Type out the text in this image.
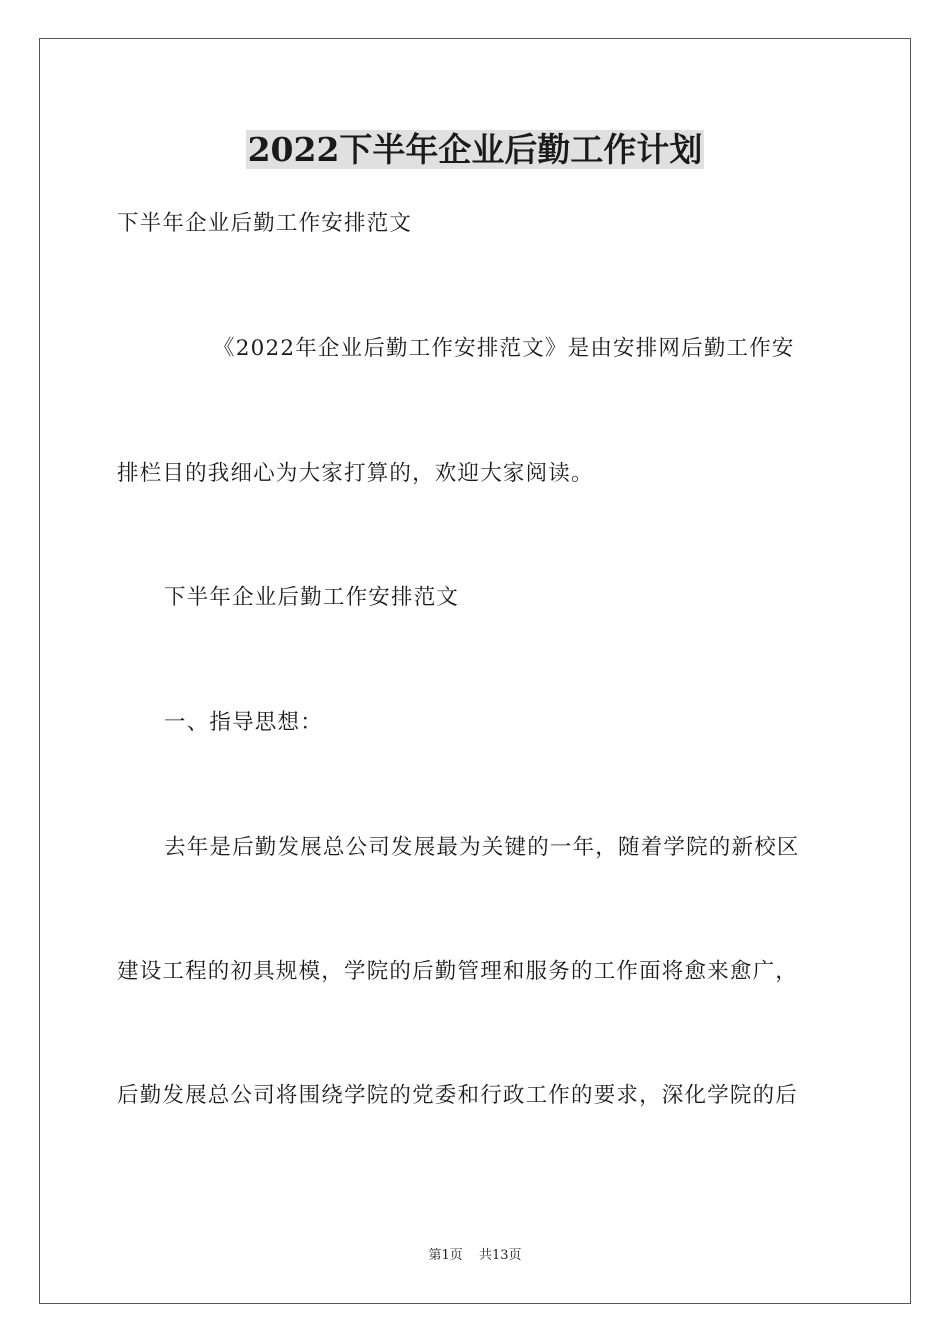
2022下半年企业后勤工作计划
下半年企业后勤工作安排范文
《2022年企业后勤工作安排范文》是由安排网后勤工作安
排栏目的我细心为大家打算的，欢迎大家阅读。
下半年企业后勤工作安排范文
一、指导思想：
去年是后勤发展总公司发展最为关键的一年，随着学院的新校区
建设工程的初具规模，学院的后勤管理和服务的工作面将愈来愈广，
后勤发展总公司将围绕学院的党委和行政工作的要求，深化学院的后
第1页 共13页
